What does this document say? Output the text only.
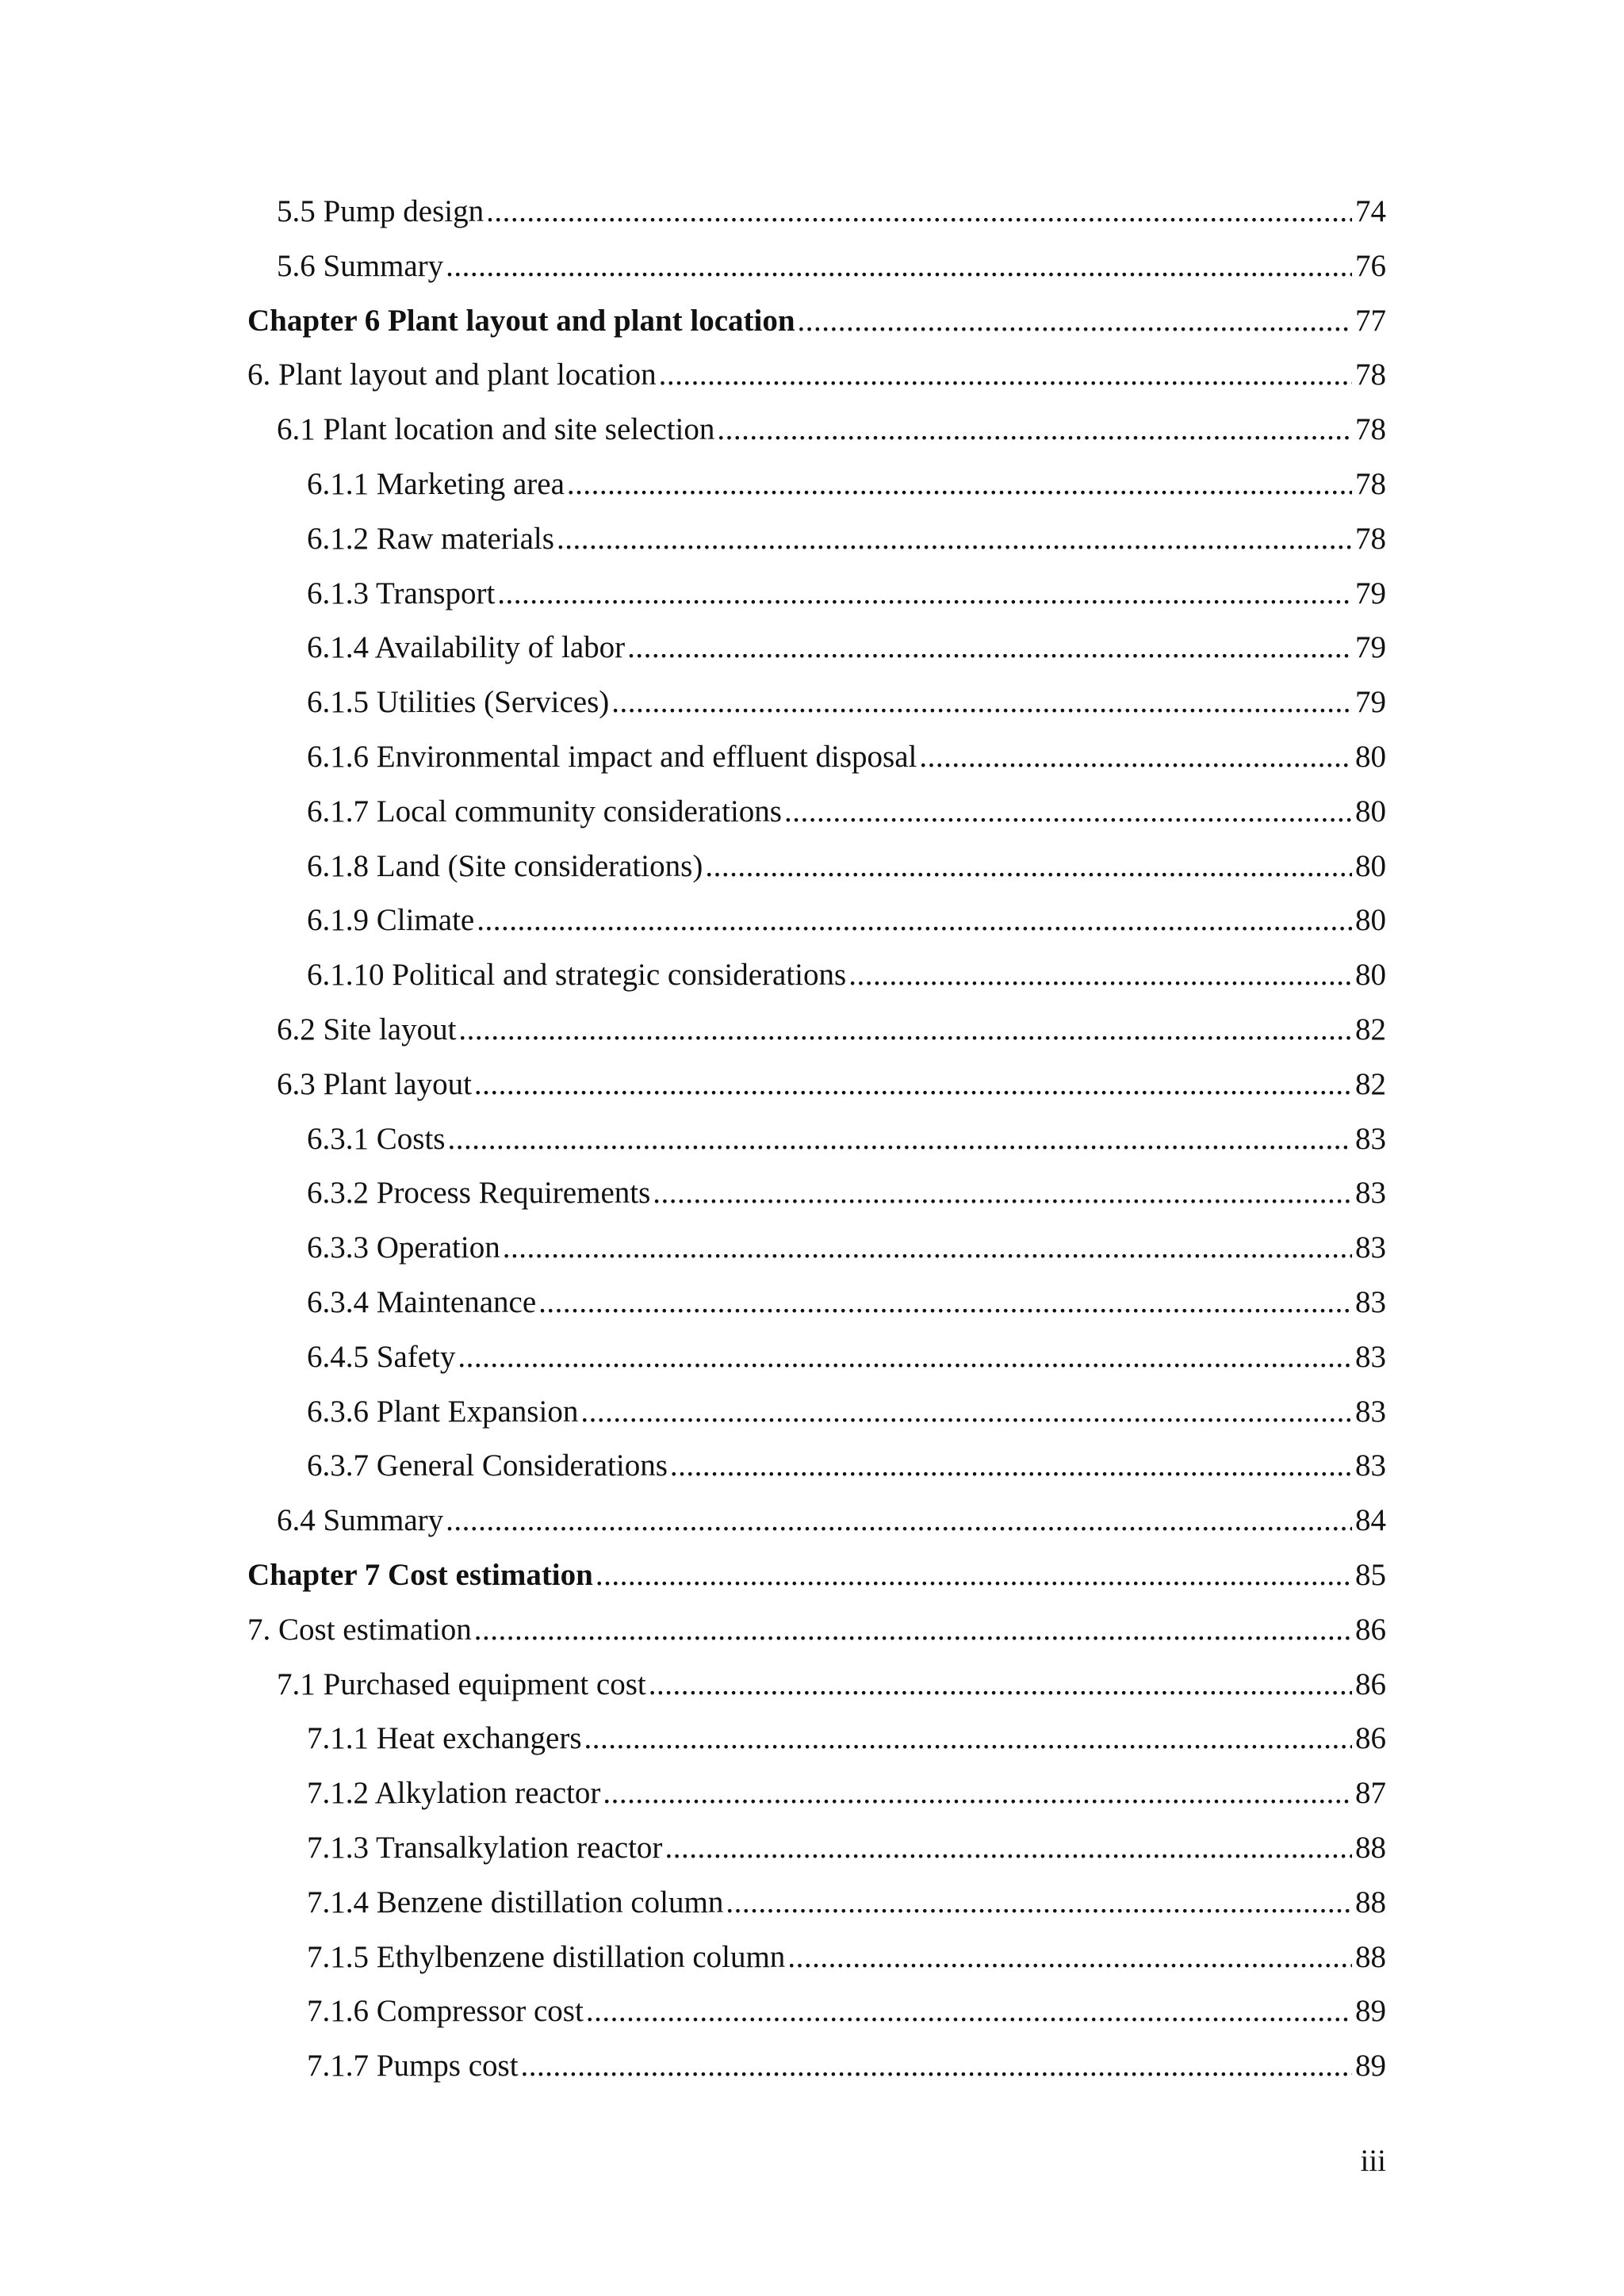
5.5 Pump design .....	74
5.6 Summary .....	76
Chapter 6 Plant layout and plant location .....	77
6. Plant layout and plant location .....	78
6.1 Plant location and site selection .....	78
6.1.1 Marketing area .....	78
6.1.2 Raw materials .....	78
6.1.3 Transport .....	79
6.1.4 Availability of labor .....	79
6.1.5 Utilities (Services) .....	79
6.1.6 Environmental impact and effluent disposal .....	80
6.1.7 Local community considerations .....	80
6.1.8 Land (Site considerations) .....	80
6.1.9 Climate .....	80
6.1.10 Political and strategic considerations .....	80
6.2 Site layout .....	82
6.3 Plant layout .....	82
6.3.1 Costs .....	83
6.3.2 Process Requirements .....	83
6.3.3 Operation .....	83
6.3.4 Maintenance .....	83
6.4.5 Safety .....	83
6.3.6 Plant Expansion .....	83
6.3.7 General Considerations .....	83
6.4 Summary .....	84
Chapter 7 Cost estimation .....	85
7. Cost estimation .....	86
7.1 Purchased equipment cost .....	86
7.1.1 Heat exchangers .....	86
7.1.2 Alkylation reactor .....	87
7.1.3 Transalkylation reactor .....	88
7.1.4 Benzene distillation column .....	88
7.1.5 Ethylbenzene distillation column .....	88
7.1.6 Compressor cost .....	89
7.1.7 Pumps cost .....	89
iii
